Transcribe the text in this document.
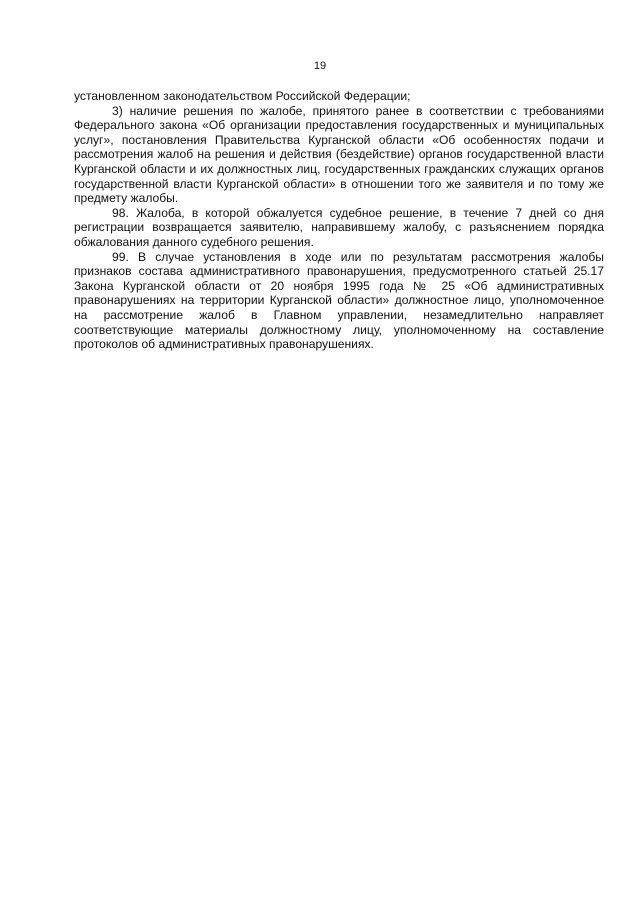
19

установленном законодательством Российской Федерации;

3) наличие решения по жалобе, принятого ранее в соответствии с требованиями Федерального закона «Об организации предоставления государственных и муниципальных услуг», постановления Правительства Курганской области «Об особенностях подачи и рассмотрения жалоб на решения и действия (бездействие) органов государственной власти Курганской области и их должностных лиц, государственных гражданских служащих органов государственной власти Курганской области» в отношении того же заявителя и по тому же предмету жалобы.

98. Жалоба, в которой обжалуется судебное решение, в течение 7 дней со дня регистрации возвращается заявителю, направившему жалобу, с разъяснением порядка обжалования данного судебного решения.

99. В случае установления в ходе или по результатам рассмотрения жалобы признаков состава административного правонарушения, предусмотренного статьей 25.17 Закона Курганской области от 20 ноября 1995 года № 25 «Об административных правонарушениях на территории Курганской области» должностное лицо, уполномоченное на рассмотрение жалоб в Главном управлении, незамедлительно направляет соответствующие материалы должностному лицу, уполномоченному на составление протоколов об административных правонарушениях.
